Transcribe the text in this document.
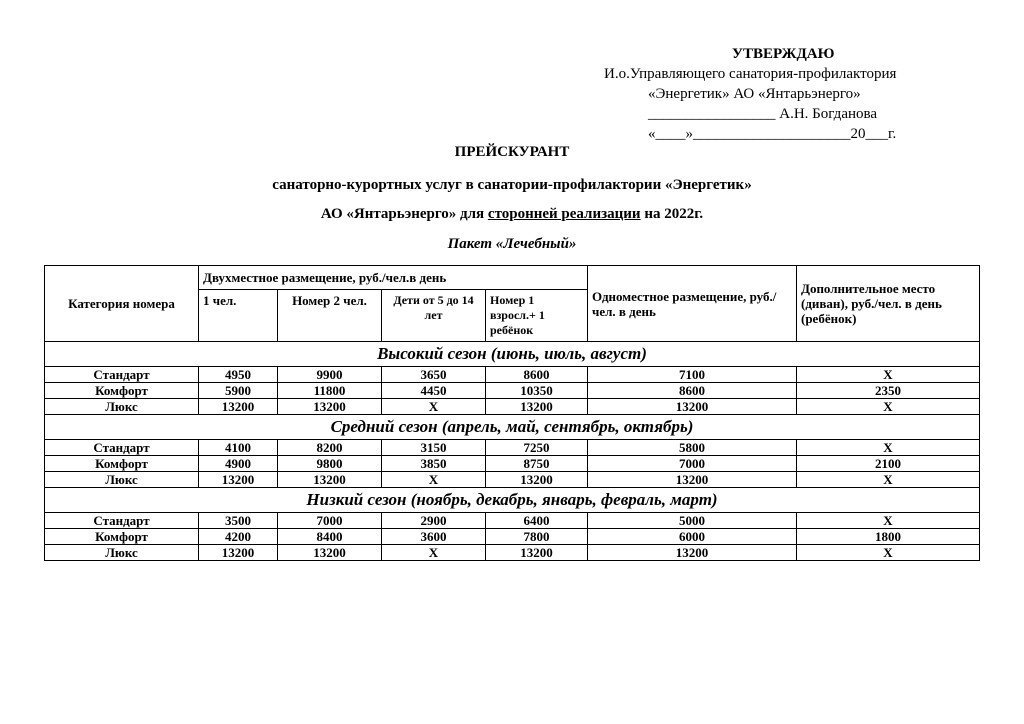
УТВЕРЖДАЮ
И.о.Управляющего санатория-профилактория
«Энергетик» АО «Янтарьэнерго»
_________________ А.Н. Богданова
«____»_____________________20___г.
ПРЕЙСКУРАНТ
санаторно-курортных услуг в санатории-профилактории «Энергетик»
АО «Янтарьэнерго» для сторонней реализации на 2022г.
Пакет «Лечебный»
Категория номера	Двухместное размещение, руб./чел.в день				Одноместное размещение, руб./чел. в день	Дополнительное место (диван), руб./чел. в день (ребёнок)
	1 чел.	Номер 2 чел.	Дети от 5 до 14 лет	Номер 1 взросл.+ 1 ребёнок		
Высокий сезон (июнь, июль, август)						
Стандарт	4950	9900	3650	8600	7100	Х
Комфорт	5900	11800	4450	10350	8600	2350
Люкс	13200	13200	Х	13200	13200	Х
Средний сезон (апрель, май, сентябрь, октябрь)						
Стандарт	4100	8200	3150	7250	5800	Х
Комфорт	4900	9800	3850	8750	7000	2100
Люкс	13200	13200	Х	13200	13200	Х
Низкий сезон (ноябрь, декабрь, январь, февраль, март)						
Стандарт	3500	7000	2900	6400	5000	Х
Комфорт	4200	8400	3600	7800	6000	1800
Люкс	13200	13200	Х	13200	13200	Х
